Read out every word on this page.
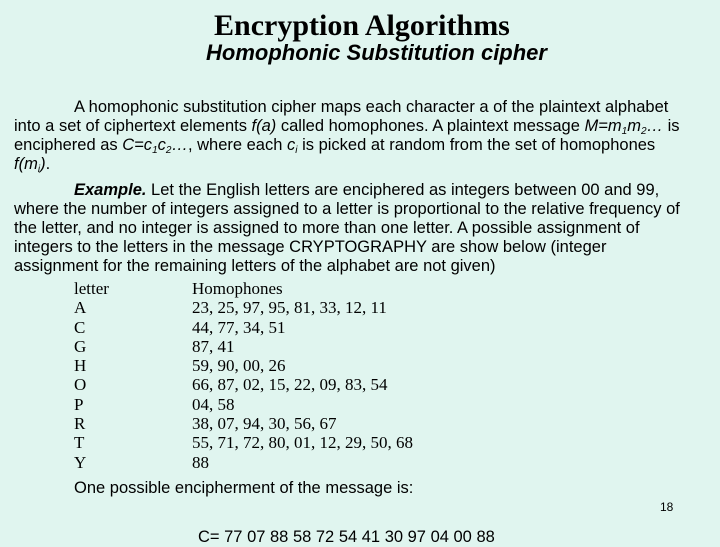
Encryption Algorithms
Homophonic Substitution cipher
A homophonic substitution cipher maps each character a of the plaintext alphabet into a set of ciphertext elements f(a) called homophones. A plaintext message $M=m_1m_2\dots$ is enciphered as $C=c_1c_2\dots$, where each $c_i$ is picked at random from the set of homophones $f(m_i)$.
Example. Let the English letters are enciphered as integers between 00 and 99, where the number of integers assigned to a letter is proportional to the relative frequency of the letter, and no integer is assigned to more than one letter. A possible assignment of integers to the letters in the message CRYPTOGRAPHY are show below (integer assignment for the remaining letters of the alphabet are not given)
letter	Homophones
A	23, 25, 97, 95, 81, 33, 12, 11
C	44, 77, 34, 51
G	87, 41
H	59, 90, 00, 26
O	66, 87, 02, 15, 22, 09, 83, 54
P	04, 58
R	38, 07, 94, 30, 56, 67
T	55, 71, 72, 80, 01, 12, 29, 50, 68
Y	88
One possible encipherment of the message is:
18
C= 77 07 88 58 72 54 41 30 97 04 00 88
